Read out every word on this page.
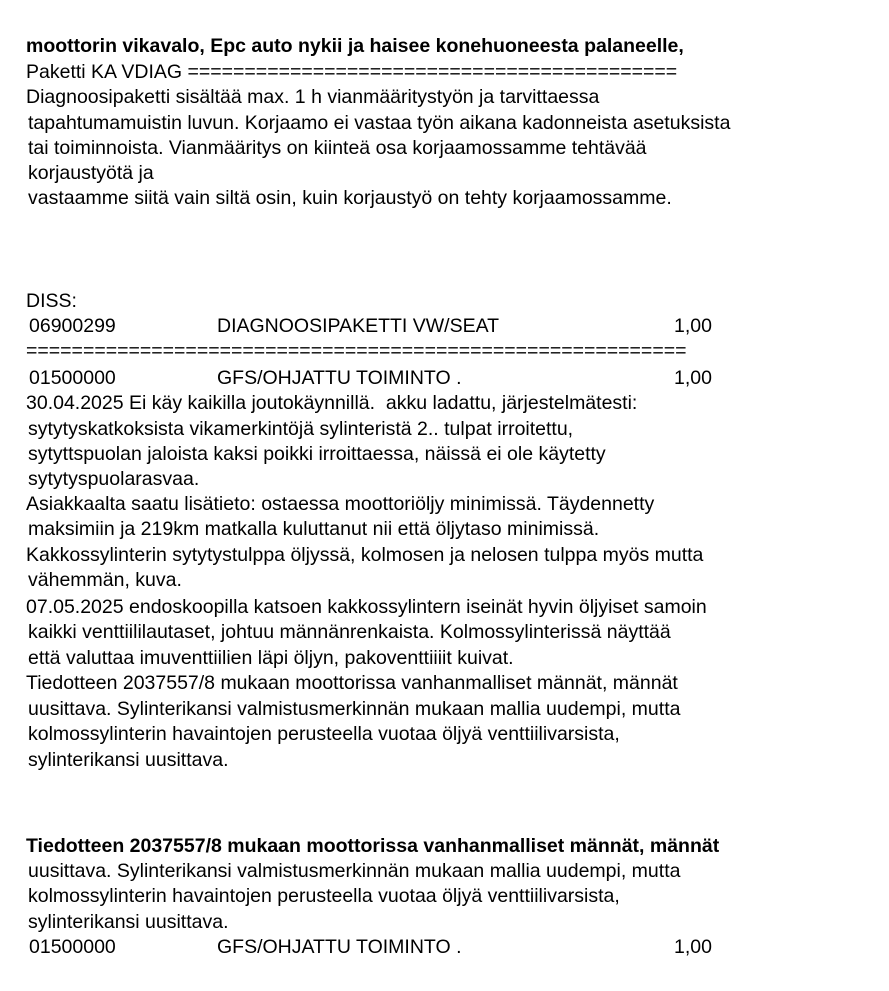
moottorin vikavalo, Epc auto nykii ja haisee konehuoneesta palaneelle,
Paketti KA VDIAG ===========================================
Diagnoosipaketti sisältää max. 1 h vianmääritystyön ja tarvittaessa
tapahtumamuistin luvun. Korjaamo ei vastaa työn aikana kadonneista asetuksista
tai toiminnoista. Vianmääritys on kiinteä osa korjaamossamme tehtävää
korjaustyötä ja
vastaamme siitä vain siltä osin, kuin korjaustyö on tehty korjaamossamme.
DISS:
06900299	DIAGNOOSIPAKETTI VW/SEAT	1,00
==========================================================
01500000	GFS/OHJATTU TOIMINTO .	1,00
30.04.2025 Ei käy kaikilla joutokäynnillä.  akku ladattu, järjestelmätesti:
sytytyskatkoksista vikamerkintöjä sylinteristä 2.. tulpat irroitettu,
sytyttspuolan jaloista kaksi poikki irroittaessa, näissä ei ole käytetty
sytytyspuolarasvaa.
Asiakkaalta saatu lisätieto: ostaessa moottoriöljy minimissä. Täydennetty
maksimiin ja 219km matkalla kuluttanut nii että öljytaso minimissä.
Kakkossylinterin sytytystulppa öljyssä, kolmosen ja nelosen tulppa myös mutta
vähemmän, kuva.
07.05.2025 endoskoopilla katsoen kakkossylintern iseinät hyvin öljyiset samoin
kaikki venttiililautaset, johtuu männänrenkaista. Kolmossylinterissä näyttää
että valuttaa imuventtiilien läpi öljyn, pakoventtiiiit kuivat.
Tiedotteen 2037557/8 mukaan moottorissa vanhanmalliset männät, männät
uusittava. Sylinterikansi valmistusmerkinnän mukaan mallia uudempi, mutta
kolmossylinterin havaintojen perusteella vuotaa öljyä venttiilivarsista,
sylinterikansi uusittava.
Tiedotteen 2037557/8 mukaan moottorissa vanhanmalliset männät, männät
uusittava. Sylinterikansi valmistusmerkinnän mukaan mallia uudempi, mutta
kolmossylinterin havaintojen perusteella vuotaa öljyä venttiilivarsista,
sylinterikansi uusittava.
01500000	GFS/OHJATTU TOIMINTO .	1,00
